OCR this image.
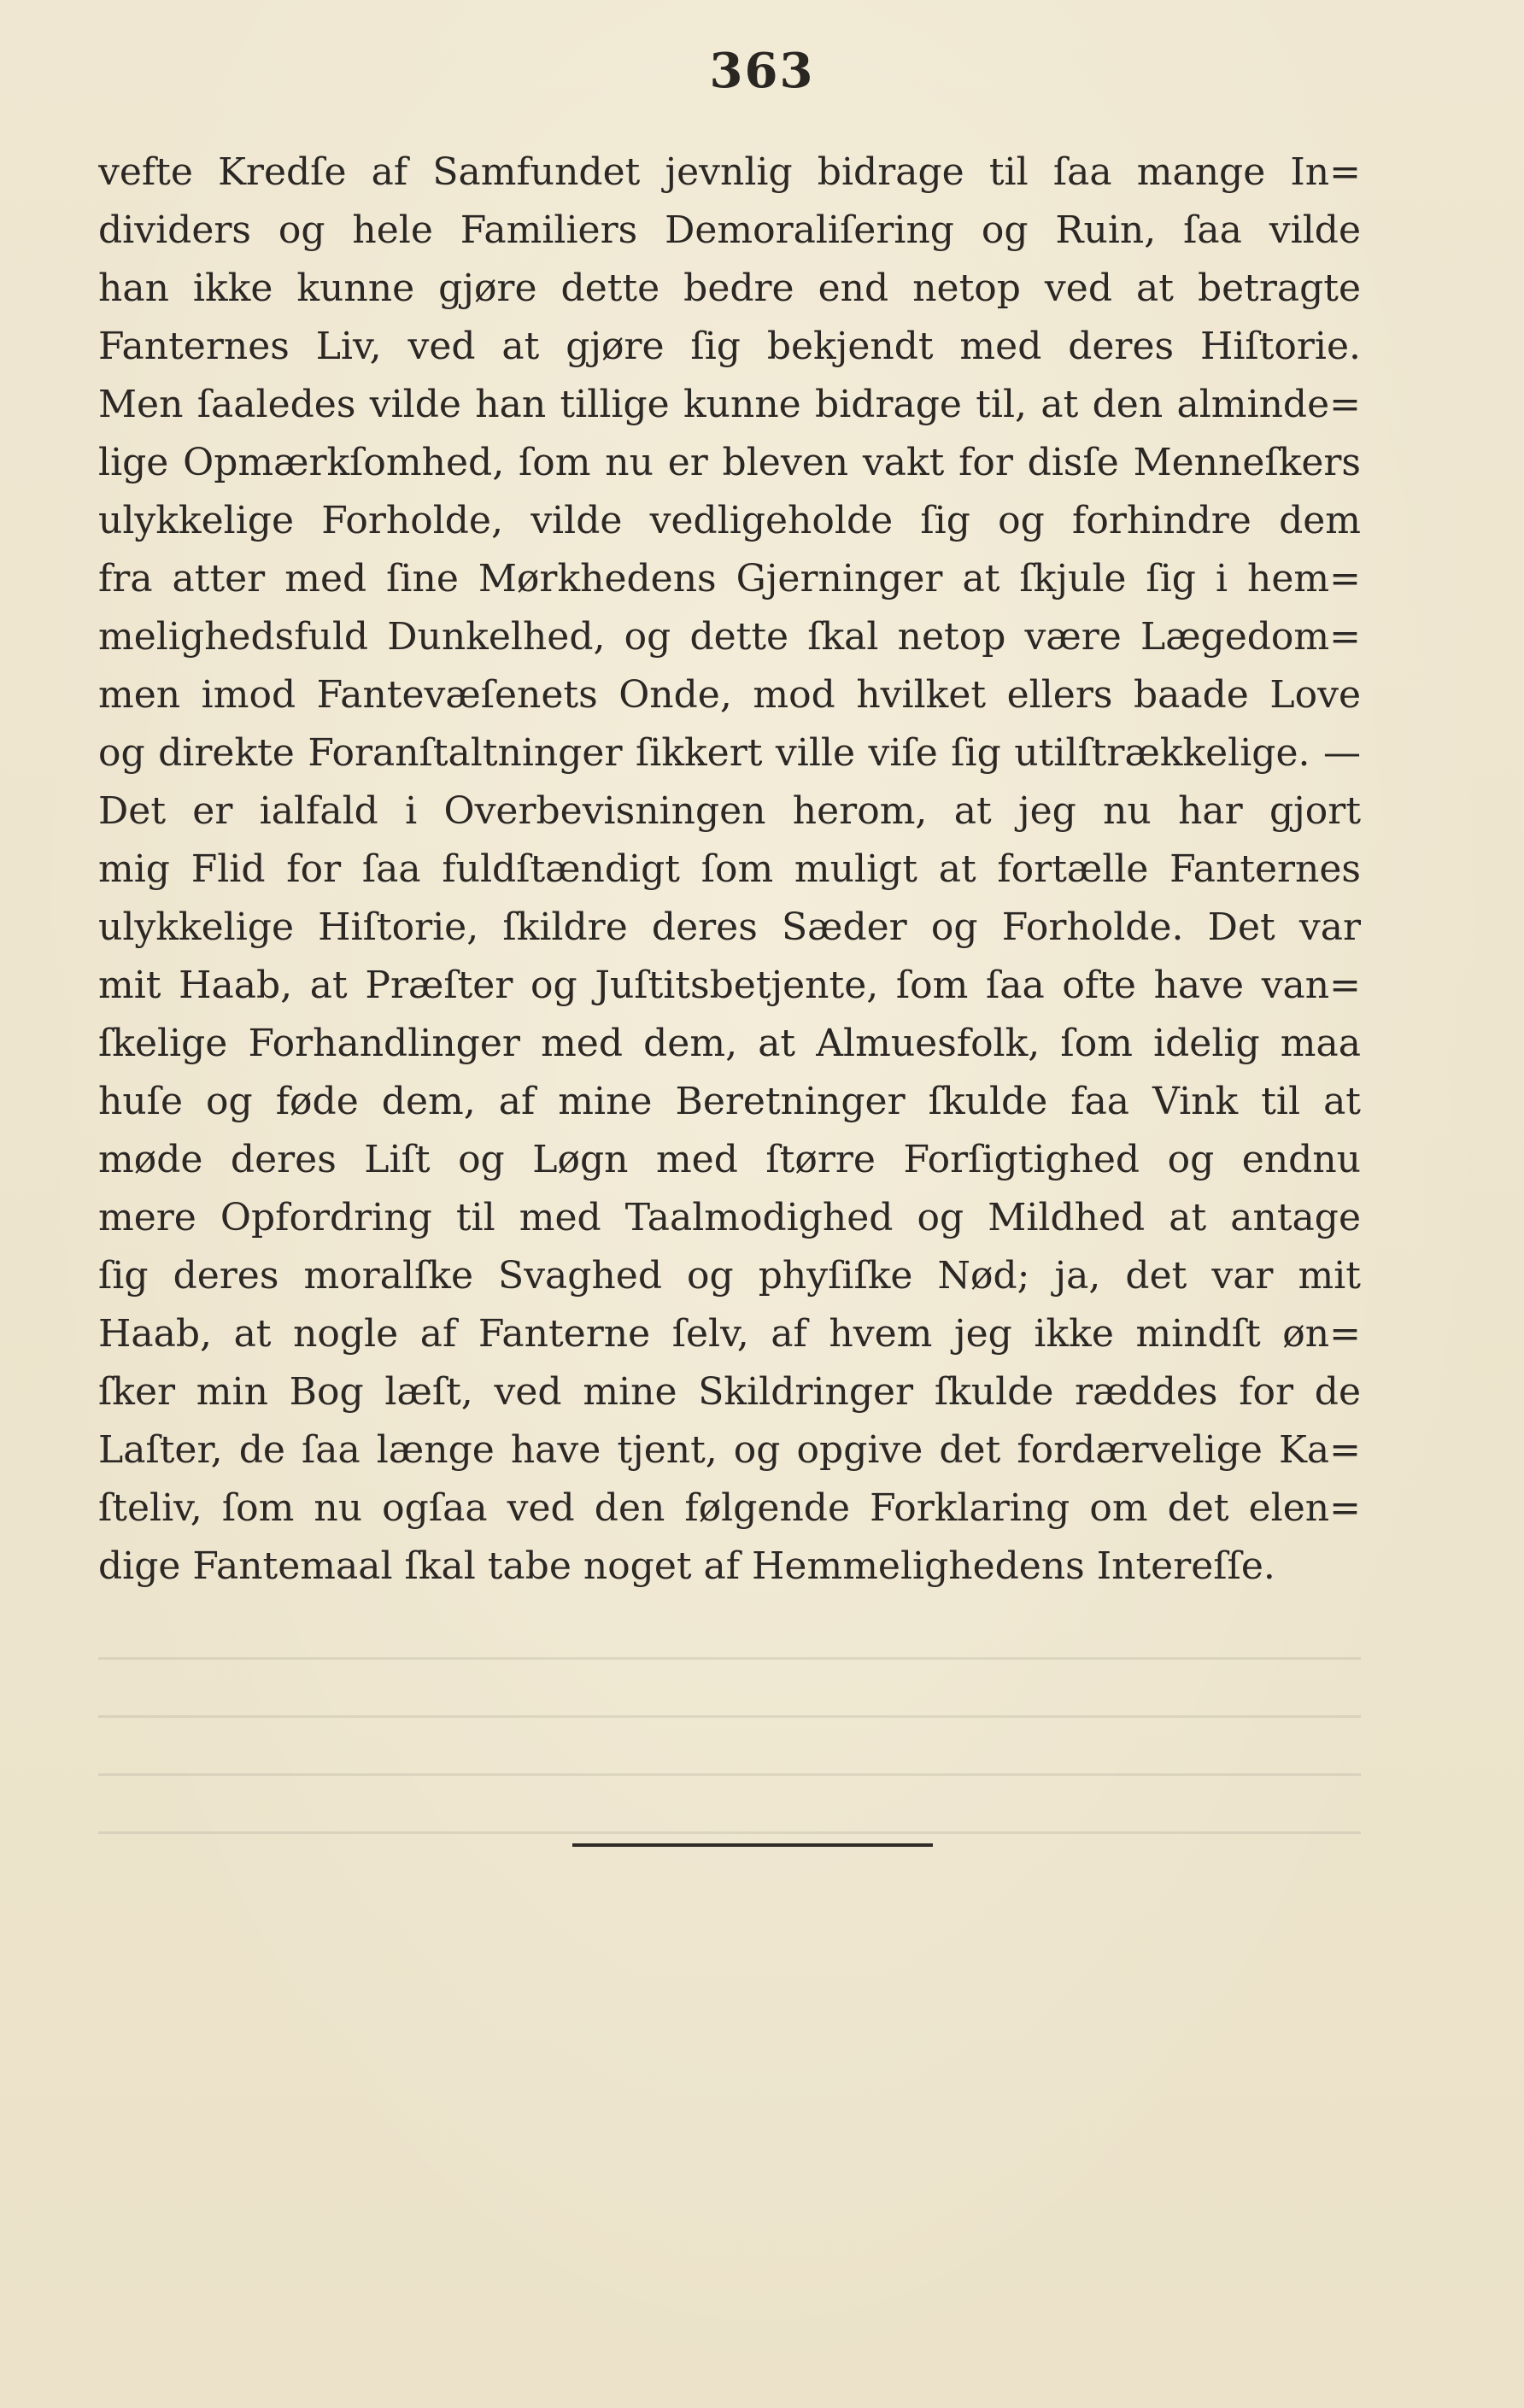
363
vefte Kredſe af Samfundet jevnlig bidrage til ſaa mange In=
dividers og hele Familiers Demoraliſering og Ruin, ſaa vilde
han ikke kunne gjøre dette bedre end netop ved at betragte
Fanternes Liv, ved at gjøre ſig bekjendt med deres Hiſtorie.
Men ſaaledes vilde han tillige kunne bidrage til, at den alminde=
lige Opmærkſomhed, ſom nu er bleven vakt for disſe Menneſkers
ulykkelige Forholde, vilde vedligeholde ſig og forhindre dem
fra atter med ſine Mørkhedens Gjerninger at ſkjule ſig i hem=
melighedsfuld Dunkelhed, og dette ſkal netop være Lægedom=
men imod Fantevæſenets Onde, mod hvilket ellers baade Love
og direkte Foranſtaltninger ſikkert ville viſe ſig utilſtrækkelige. —
Det er ialfald i Overbevisningen herom, at jeg nu har gjort
mig Flid for ſaa fuldſtændigt ſom muligt at fortælle Fanternes
ulykkelige Hiſtorie, ſkildre deres Sæder og Forholde. Det var
mit Haab, at Præſter og Juſtitsbetjente, ſom ſaa ofte have van=
ſkelige Forhandlinger med dem, at Almuesfolk, ſom idelig maa
huſe og føde dem, af mine Beretninger ſkulde faa Vink til at
møde deres Liſt og Løgn med ſtørre Forſigtighed og endnu
mere Opfordring til med Taalmodighed og Mildhed at antage
ſig deres moralſke Svaghed og phyſiſke Nød; ja, det var mit
Haab, at nogle af Fanterne ſelv, af hvem jeg ikke mindſt øn=
ſker min Bog læſt, ved mine Skildringer ſkulde ræddes for de
Laſter, de ſaa længe have tjent, og opgive det fordærvelige Ka=
ſteliv, ſom nu ogſaa ved den følgende Forklaring om det elen=
dige Fantemaal ſkal tabe noget af Hemmelighedens Intereſſe.
